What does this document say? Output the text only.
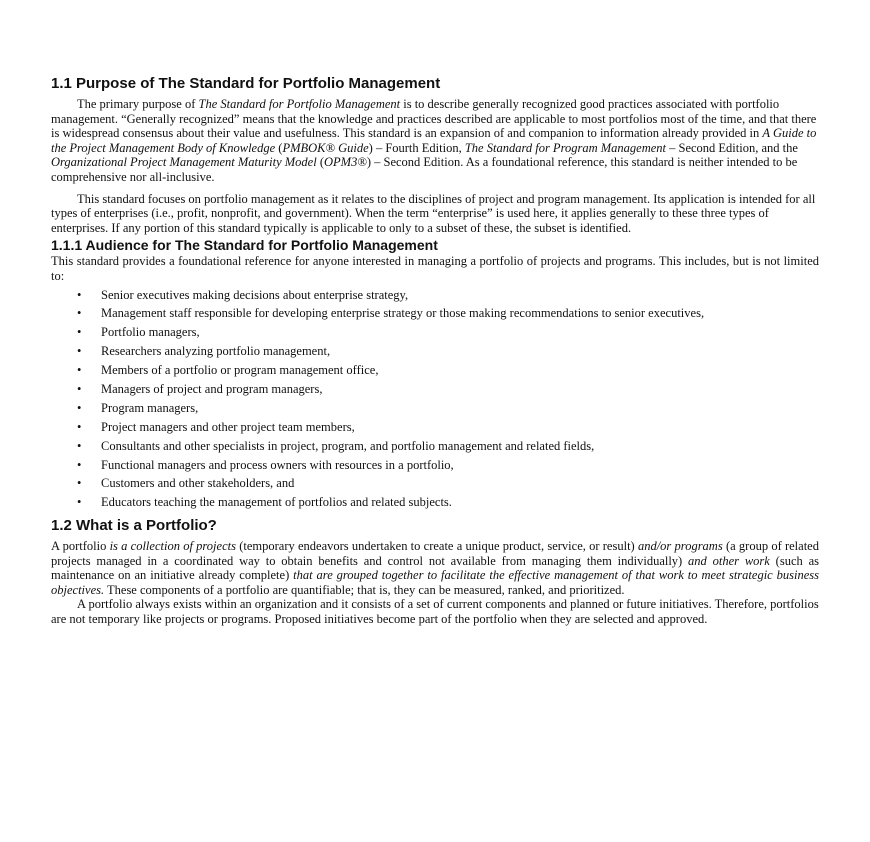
1.1 Purpose of The Standard for Portfolio Management

The primary purpose of The Standard for Portfolio Management is to describe generally recognized good practices associated with portfolio management. “Generally recognized” means that the knowledge and practices described are applicable to most portfolios most of the time, and that there is widespread consensus about their value and usefulness. This standard is an expansion of and companion to information already provided in A Guide to the Project Management Body of Knowledge (PMBOK® Guide) – Fourth Edition, The Standard for Program Management – Second Edition, and the Organizational Project Management Maturity Model (OPM3®) – Second Edition. As a foundational reference, this standard is neither intended to be comprehensive nor all-inclusive.

This standard focuses on portfolio management as it relates to the disciplines of project and program management. Its application is intended for all types of enterprises (i.e., profit, nonprofit, and government). When the term “enterprise” is used here, it applies generally to these three types of enterprises. If any portion of this standard typically is applicable to only to a subset of these, the subset is identified.

1.1.1 Audience for The Standard for Portfolio Management

This standard provides a foundational reference for anyone interested in managing a portfolio of projects and programs. This includes, but is not limited to:

• Senior executives making decisions about enterprise strategy,
• Management staff responsible for developing enterprise strategy or those making recommendations to senior executives,
• Portfolio managers,
• Researchers analyzing portfolio management,
• Members of a portfolio or program management office,
• Managers of project and program managers,
• Program managers,
• Project managers and other project team members,
• Consultants and other specialists in project, program, and portfolio management and related fields,
• Functional managers and process owners with resources in a portfolio,
• Customers and other stakeholders, and
• Educators teaching the management of portfolios and related subjects.
1.2 What is a Portfolio?

A portfolio is a collection of projects (temporary endeavors undertaken to create a unique product, service, or result) and/or programs (a group of related projects managed in a coordinated way to obtain benefits and control not available from managing them individually) and other work (such as maintenance on an initiative already complete) that are grouped together to facilitate the effective management of that work to meet strategic business objectives. These components of a portfolio are quantifiable; that is, they can be measured, ranked, and prioritized.

A portfolio always exists within an organization and it consists of a set of current components and planned or future initiatives. Therefore, portfolios are not temporary like projects or programs. Proposed initiatives become part of the portfolio when they are selected and approved.
